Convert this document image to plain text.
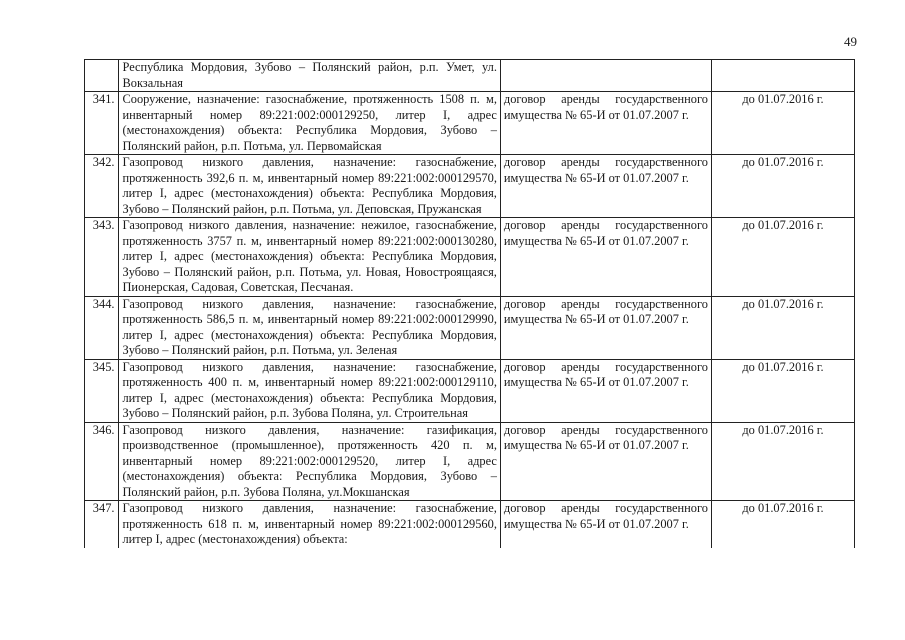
49
	Республика Мордовия, Зубово – Полянский район, р.п. Умет, ул. Вокзальная		
341.	Сооружение, назначение: газоснабжение, протяженность 1508 п. м, инвентарный номер 89:221:002:000129250, литер I, адрес (местонахождения) объекта: Республика Мордовия, Зубово – Полянский район, р.п. Потьма, ул. Первомайская	договор аренды государственного имущества № 65-И от 01.07.2007 г.	до 01.07.2016 г.
342.	Газопровод низкого давления, назначение: газоснабжение, протяженность 392,6 п. м, инвентарный номер 89:221:002:000129570, литер I, адрес (местонахождения) объекта: Республика Мордовия, Зубово – Полянский район, р.п. Потьма, ул. Деповская, Пружанская	договор аренды государственного имущества № 65-И от 01.07.2007 г.	до 01.07.2016 г.
343.	Газопровод низкого давления, назначение: нежилое, газоснабжение, протяженность 3757 п. м, инвентарный номер 89:221:002:000130280, литер I, адрес (местонахождения) объекта: Республика Мордовия, Зубово – Полянский район, р.п. Потьма, ул. Новая, Новостроящаяся, Пионерская, Садовая, Советская, Песчаная.	договор аренды государственного имущества № 65-И от 01.07.2007 г.	до 01.07.2016 г.
344.	Газопровод низкого давления, назначение: газоснабжение, протяженность 586,5 п. м, инвентарный номер 89:221:002:000129990, литер I, адрес (местонахождения) объекта: Республика Мордовия, Зубово – Полянский район, р.п. Потьма, ул. Зеленая	договор аренды государственного имущества № 65-И от 01.07.2007 г.	до 01.07.2016 г.
345.	Газопровод низкого давления, назначение: газоснабжение, протяженность 400 п. м, инвентарный номер 89:221:002:000129110, литер I, адрес (местонахождения) объекта: Республика Мордовия, Зубово – Полянский район, р.п. Зубова Поляна, ул. Строительная	договор аренды государственного имущества № 65-И от 01.07.2007 г.	до 01.07.2016 г.
346.	Газопровод низкого давления, назначение: газификация, производственное (промышленное), протяженность 420 п. м, инвентарный номер 89:221:002:000129520, литер I, адрес (местонахождения) объекта: Республика Мордовия, Зубово – Полянский район, р.п. Зубова Поляна, ул.Мокшанская	договор аренды государственного имущества № 65-И от 01.07.2007 г.	до 01.07.2016 г.
347.	Газопровод низкого давления, назначение: газоснабжение, протяженность 618 п. м, инвентарный номер 89:221:002:000129560, литер I, адрес (местонахождения) объекта:	договор аренды государственного имущества № 65-И от 01.07.2007 г.	до 01.07.2016 г.
